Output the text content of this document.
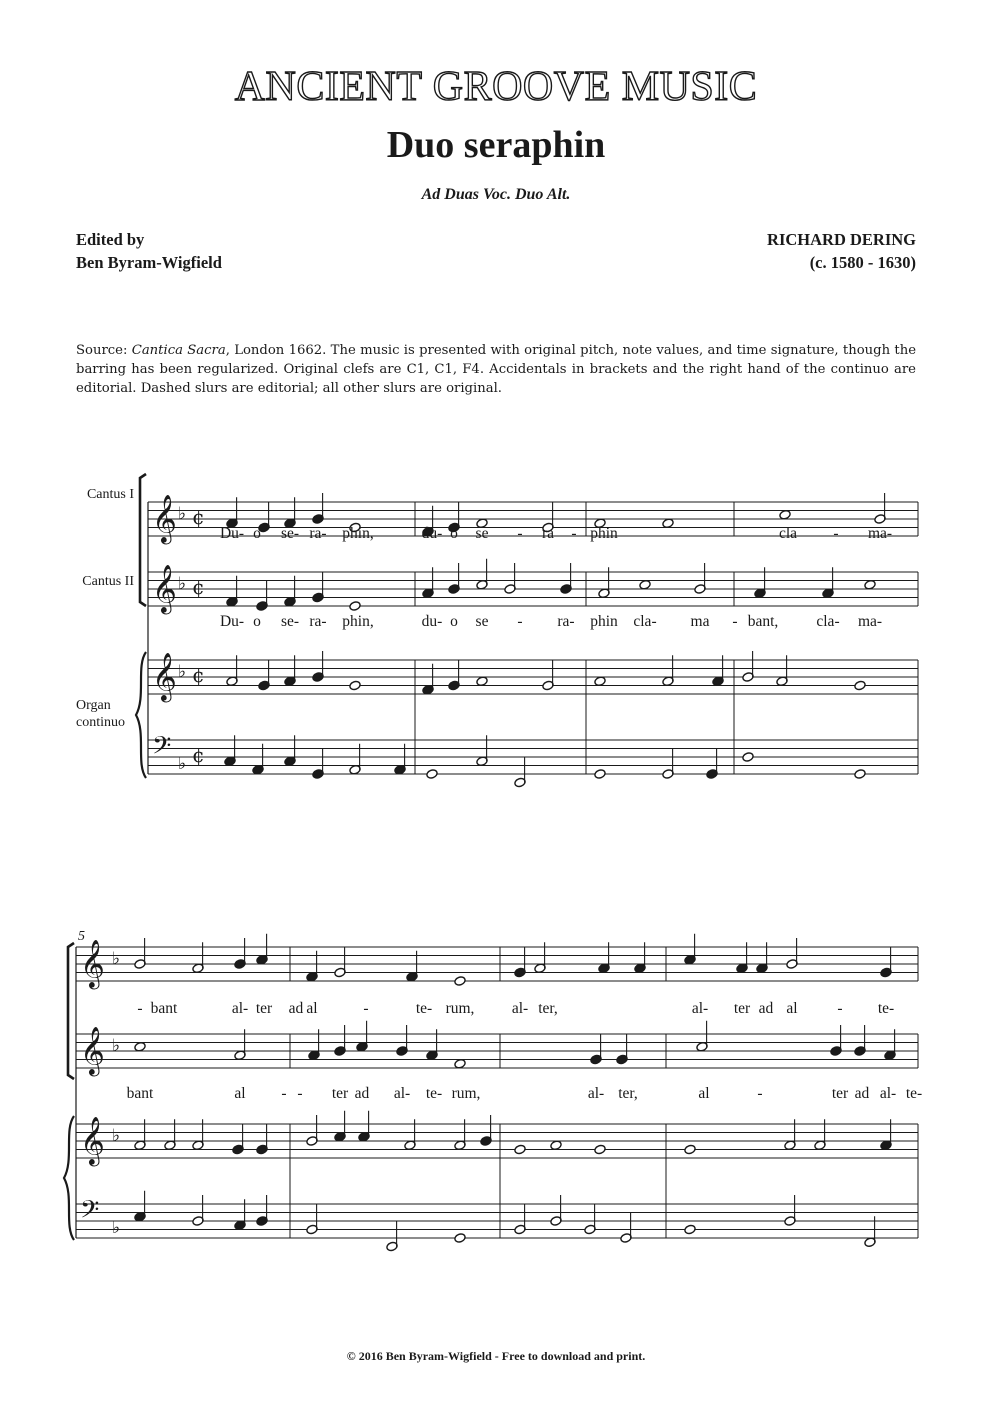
ANCIENT GROOVE MUSIC
Duo seraphin
Ad Duas Voc. Duo Alt.
Edited by
Ben Byram-Wigfield
RICHARD DERING
(c. 1580 - 1630)
Source: Cantica Sacra, London 1662. The music is presented with original pitch, note values, and time signature, though the barring has been regularized. Original clefs are C1, C1, F4. Accidentals in brackets and the right hand of the continuo are editorial. Dashed slurs are editorial; all other slurs are original.
𝄞 ♭ ¢
𝄞 ♭ ¢
𝄞 ♭ ¢
𝄢 ♭ ¢
𝄞 ♭
𝄞 ♭
𝄞 ♭
𝄢 ♭
Cantus I
Cantus II
Organ
continuo
5
Du- o se- ra- phin,	du- o se - ra - phin	cla - ma-
Du- o se- ra- phin,	du- o se - ra- phin cla- ma - bant, cla- ma-
- bant	al- ter ad al	-	te- rum, al- ter,	al- ter ad al	- te-
bant	al - - ter ad al- te- rum,	al- ter,	al	-	ter ad al- te-
© 2016 Ben Byram-Wigfield - Free to download and print.
